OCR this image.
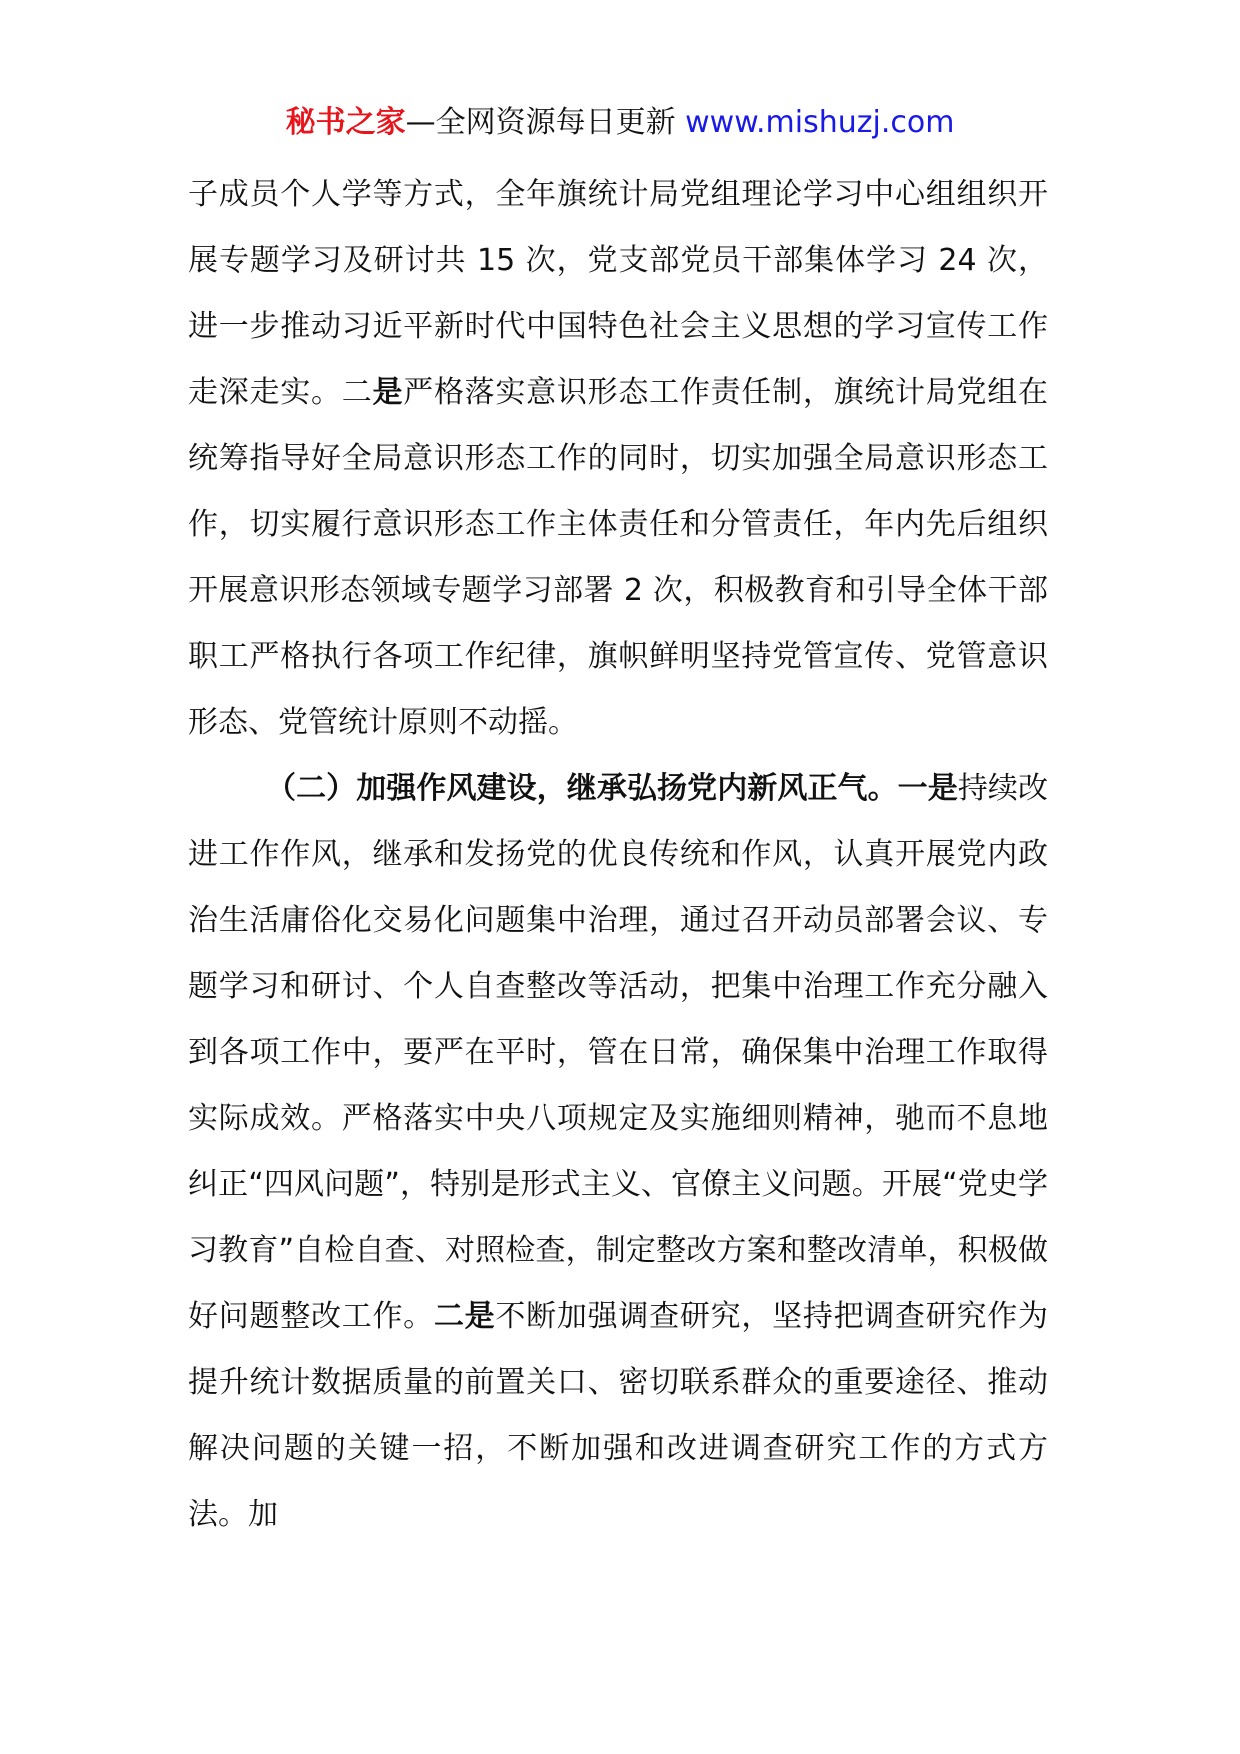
秘书之家—全网资源每日更新 www.mishuzj.com

子成员个人学等方式，全年旗统计局党组理论学习中心组组织开展专题学习及研讨共 15 次，党支部党员干部集体学习 24 次，进一步推动习近平新时代中国特色社会主义思想的学习宣传工作走深走实。二是严格落实意识形态工作责任制，旗统计局党组在统筹指导好全局意识形态工作的同时，切实加强全局意识形态工作，切实履行意识形态工作主体责任和分管责任，年内先后组织开展意识形态领域专题学习部署 2 次，积极教育和引导全体干部职工严格执行各项工作纪律，旗帜鲜明坚持党管宣传、党管意识形态、党管统计原则不动摇。

（二）加强作风建设，继承弘扬党内新风正气。一是持续改进工作作风，继承和发扬党的优良传统和作风，认真开展党内政治生活庸俗化交易化问题集中治理，通过召开动员部署会议、专题学习和研讨、个人自查整改等活动，把集中治理工作充分融入到各项工作中，要严在平时，管在日常，确保集中治理工作取得实际成效。严格落实中央八项规定及实施细则精神，驰而不息地纠正“四风问题”，特别是形式主义、官僚主义问题。开展“党史学习教育”自检自查、对照检查，制定整改方案和整改清单，积极做好问题整改工作。二是不断加强调查研究，坚持把调查研究作为提升统计数据质量的前置关口、密切联系群众的重要途径、推动解决问题的关键一招，不断加强和改进调查研究工作的方式方法。加
